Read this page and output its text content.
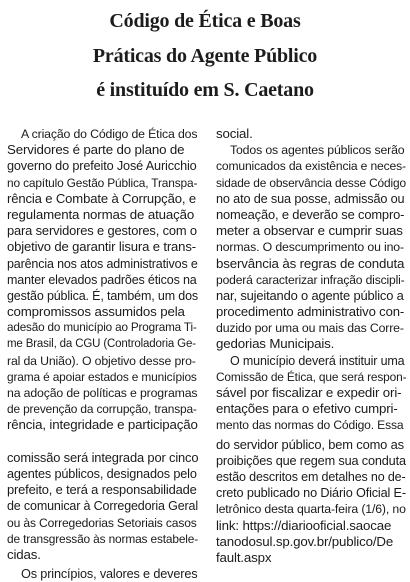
Código de Ética e Boas
Práticas do Agente Público
é instituído em S. Caetano
A criação do Código de Ética dos
Servidores é parte do plano de
governo do prefeito José Auricchio
no capítulo Gestão Pública, Transpa-
rência e Combate à Corrupção, e
regulamenta normas de atuação
para servidores e gestores, com o
objetivo de garantir lisura e trans-
parência nos atos administrativos e
manter elevados padrões éticos na
gestão pública. É, também, um dos
compromissos assumidos pela
adesão do município ao Programa Ti-
me Brasil, da CGU (Controladoria Ge-
ral da União). O objetivo desse pro-
grama é apoiar estados e municípios
na adoção de políticas e programas
de prevenção da corrupção, transpa-
rência, integridade e participação
comissão será integrada por cinco
agentes públicos, designados pelo
prefeito, e terá a responsabilidade
de comunicar à Corregedoria Geral
ou às Corregedorias Setoriais casos
de transgressão às normas estabele-
cidas.
Os princípios, valores e deveres
social.
Todos os agentes públicos serão
comunicados da existência e neces-
sidade de observância desse Código
no ato de sua posse, admissão ou
nomeação, e deverão se compro-
meter a observar e cumprir suas
normas. O descumprimento ou ino-
bservância às regras de conduta
poderá caracterizar infração discipli-
nar, sujeitando o agente público a
procedimento administrativo con-
duzido por uma ou mais das Corre-
gedorias Municipais.
O município deverá instituir uma
Comissão de Ética, que será respon-
sável por fiscalizar e expedir ori-
entações para o efetivo cumpri-
mento das normas do Código. Essa
do servidor público, bem como as
proibições que regem sua conduta
estão descritos em detalhes no de-
creto publicado no Diário Oficial E-
letrônico desta quarta-feira (1/6), no
link: https://diariooficial.saocae
tanodosul.sp.gov.br/publico/De
fault.aspx
